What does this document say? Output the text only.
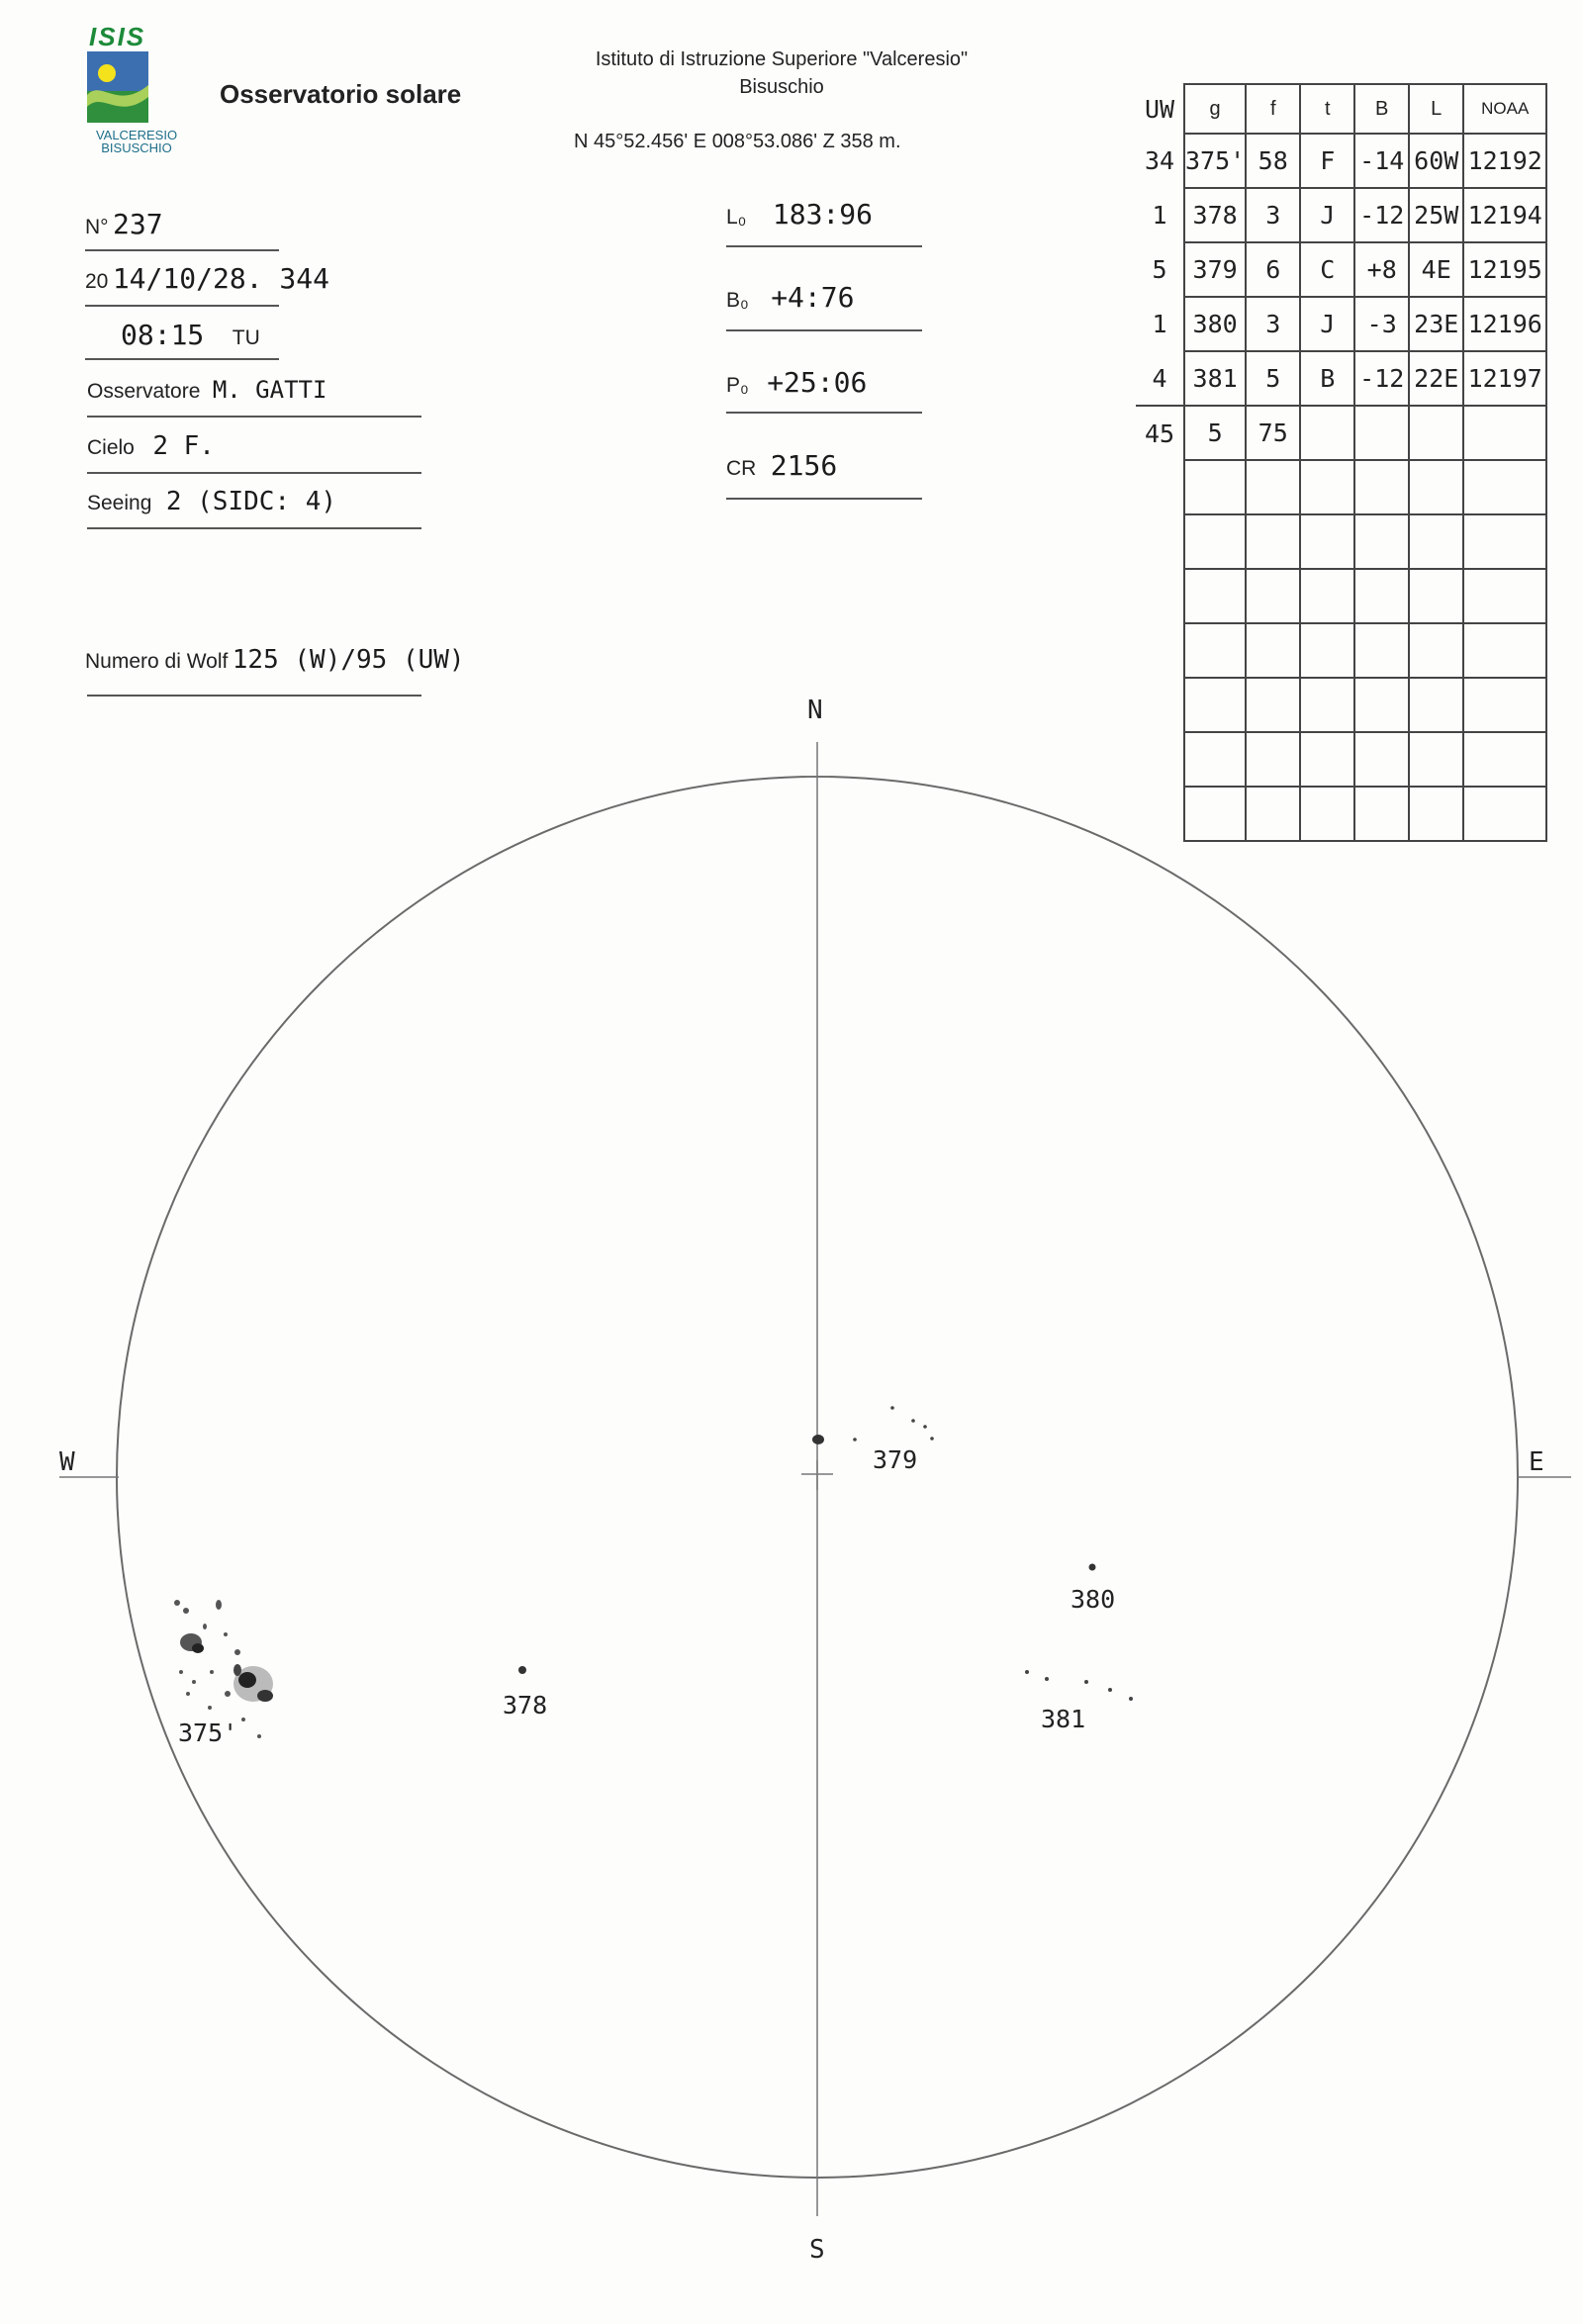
ISIS
VALCERESIO
BISUSCHIO
Osservatorio solare
Istituto di Istruzione Superiore "Valceresio"
Bisuschio
N 45°52.456' E 008°53.086' Z 358 m.
N° 237
20 14/10/28. 344
08:15 TU
Osservatore M. GATTI
Cielo 2 F.
Seeing 2 (SIDC: 4)
Numero di Wolf 125 (W)/95 (UW)
L₀ 183:96
B₀ +4:76
P₀ +25:06
CR 2156
UW	g	f	t	B	L	NOAA
34	375'	58	F	-14	60W	12192
1	378	3	J	-12	25W	12194
5	379	6	C	+8	4E	12195
1	380	3	J	-3	23E	12196
4	381	5	B	-12	22E	12197
45	5	75				

N
S
W	E
375'
378
379
380
381
